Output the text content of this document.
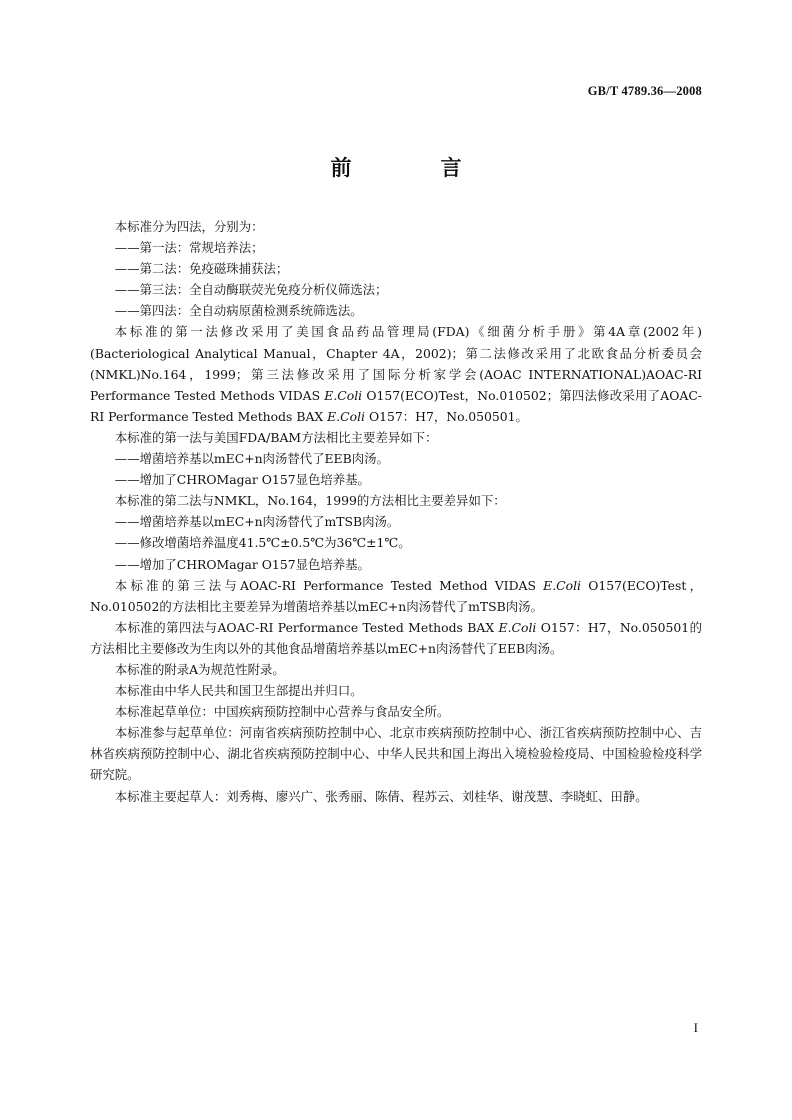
GB/T 4789.36—2008
前　言

本标准分为四法，分别为：

——第一法：常规培养法；

——第二法：免疫磁珠捕获法；

——第三法：全自动酶联荧光免疫分析仪筛选法；

——第四法：全自动病原菌检测系统筛选法。

本标准的第一法修改采用了美国食品药品管理局(FDA)《细菌分析手册》第4A章(2002年)(Bacteriological Analytical Manual，Chapter 4A，2002)；第二法修改采用了北欧食品分析委员会(NMKL)No.164，1999；第三法修改采用了国际分析家学会(AOAC INTERNATIONAL)AOAC-RI Performance Tested Methods VIDAS E.Coli O157(ECO)Test，No.010502；第四法修改采用了AOAC-RI Performance Tested Methods BAX E.Coli O157：H7，No.050501。

本标准的第一法与美国FDA/BAM方法相比主要差异如下：

——增菌培养基以mEC+n肉汤替代了EEB肉汤。

——增加了CHROMagar O157显色培养基。

本标准的第二法与NMKL，No.164，1999的方法相比主要差异如下：

——增菌培养基以mEC+n肉汤替代了mTSB肉汤。

——修改增菌培养温度41.5℃±0.5℃为36℃±1℃。

——增加了CHROMagar O157显色培养基。

本标准的第三法与AOAC-RI Performance Tested Method VIDAS E.Coli O157(ECO)Test，No.010502的方法相比主要差异为增菌培养基以mEC+n肉汤替代了mTSB肉汤。

本标准的第四法与AOAC-RI Performance Tested Methods BAX E.Coli O157：H7，No.050501的方法相比主要修改为生肉以外的其他食品增菌培养基以mEC+n肉汤替代了EEB肉汤。

本标准的附录A为规范性附录。

本标准由中华人民共和国卫生部提出并归口。

本标准起草单位：中国疾病预防控制中心营养与食品安全所。

本标准参与起草单位：河南省疾病预防控制中心、北京市疾病预防控制中心、浙江省疾病预防控制中心、吉林省疾病预防控制中心、湖北省疾病预防控制中心、中华人民共和国上海出入境检验检疫局、中国检验检疫科学研究院。

本标准主要起草人：刘秀梅、廖兴广、张秀丽、陈倩、程苏云、刘桂华、谢茂慧、李晓虹、田静。

I
